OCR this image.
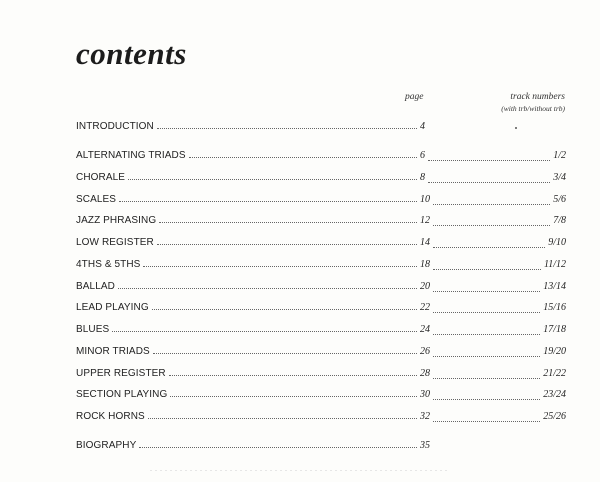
contents
page	track numbers
(with trb/without trb)
INTRODUCTION	4
ALTERNATING TRIADS	6	1/2
CHORALE	8	3/4
SCALES	10	5/6
JAZZ PHRASING	12	7/8
LOW REGISTER	14	9/10
4THS & 5THS	18	11/12
BALLAD	20	13/14
LEAD PLAYING	22	15/16
BLUES	24	17/18
MINOR TRIADS	26	19/20
UPPER REGISTER	28	21/22
SECTION PLAYING	30	23/24
ROCK HORNS	32	25/26
BIOGRAPHY	35
